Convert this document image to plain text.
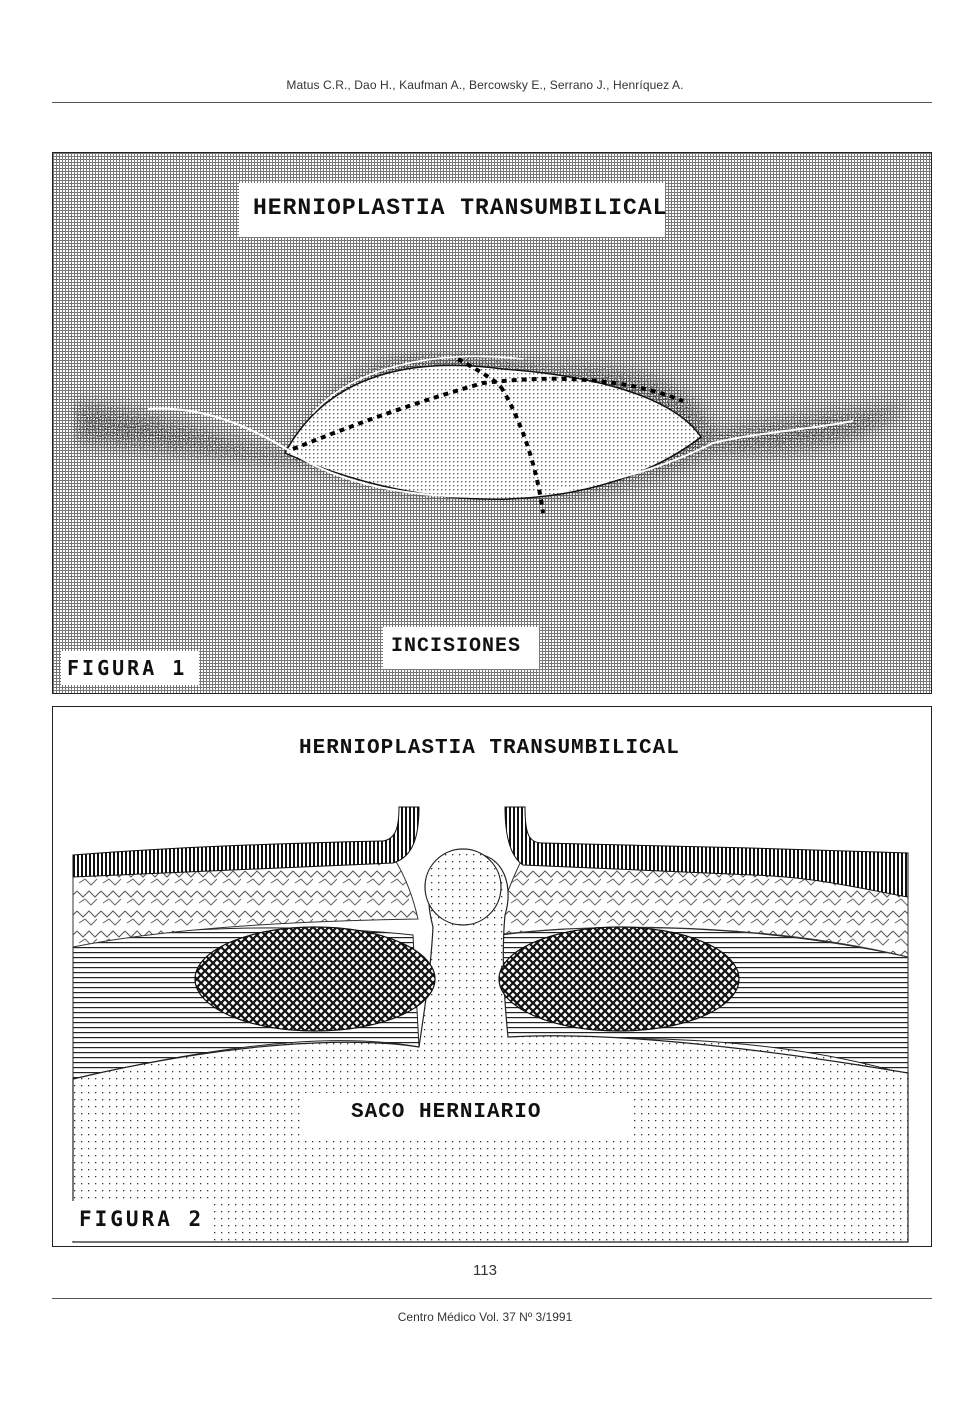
Matus C.R., Dao H., Kaufman A., Bercowsky E., Serrano J., Henríquez A.
HERNIOPLASTIA TRANSUMBILICAL
INCISIONES
FIGURA 1
HERNIOPLASTIA TRANSUMBILICAL
SACO HERNIARIO
FIGURA 2
113
Centro Médico Vol. 37 Nº 3/1991
